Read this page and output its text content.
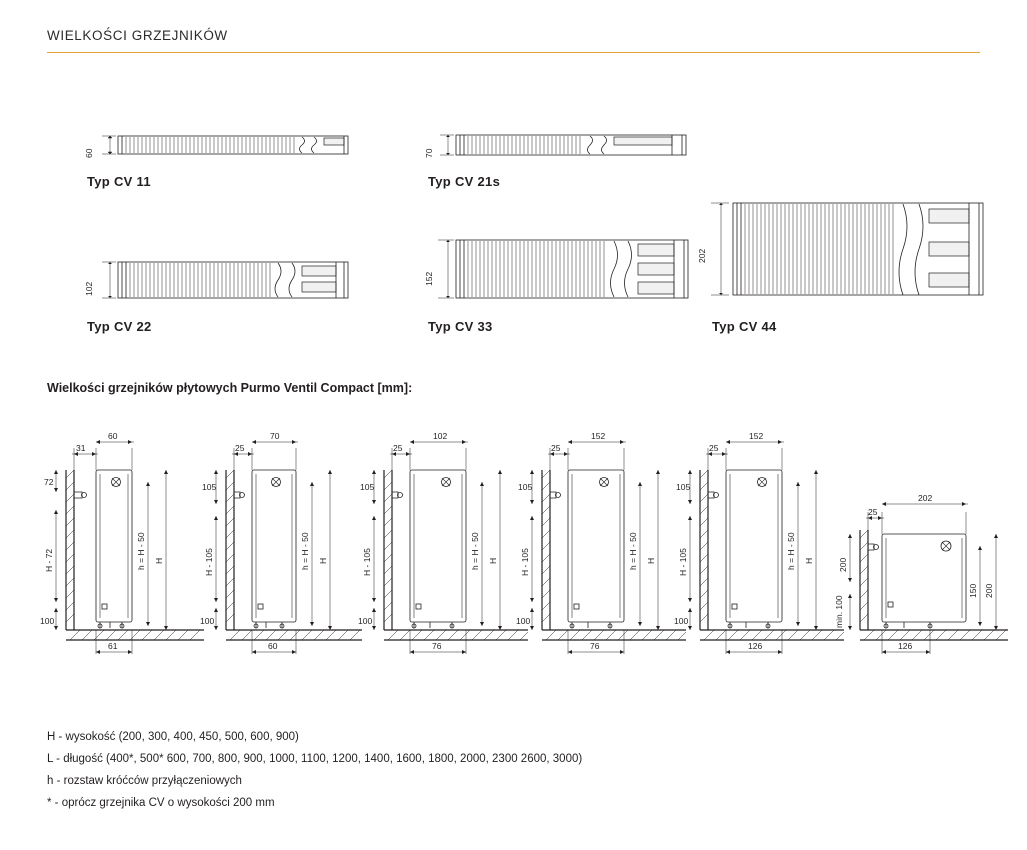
WIELKOŚCI GRZEJNIKÓW
60
Typ CV 11
70
Typ CV 21s
102
Typ CV 22
152
Typ CV 33
202
Typ CV 44
Wielkości grzejników płytowych Purmo Ventil Compact [mm]:
31
60
72
H - 72
100
h = H - 50 H
61
25
70
105
H - 105
100
h = H - 50 H
60
25
102
105
H - 105
100
h = H - 50 H
76
25
152
105
H - 105
100
h = H - 50 H
76
25
152
105
H - 105
100
h = H - 50 H
126
25
202
200
min. 100
150 200
126
H - wysokość (200, 300, 400, 450, 500, 600, 900)
L - długość (400*, 500* 600, 700, 800, 900, 1000, 1100, 1200, 1400, 1600, 1800, 2000, 2300 2600, 3000)
h - rozstaw króćców przyłączeniowych
* - oprócz grzejnika CV o wysokości 200 mm
